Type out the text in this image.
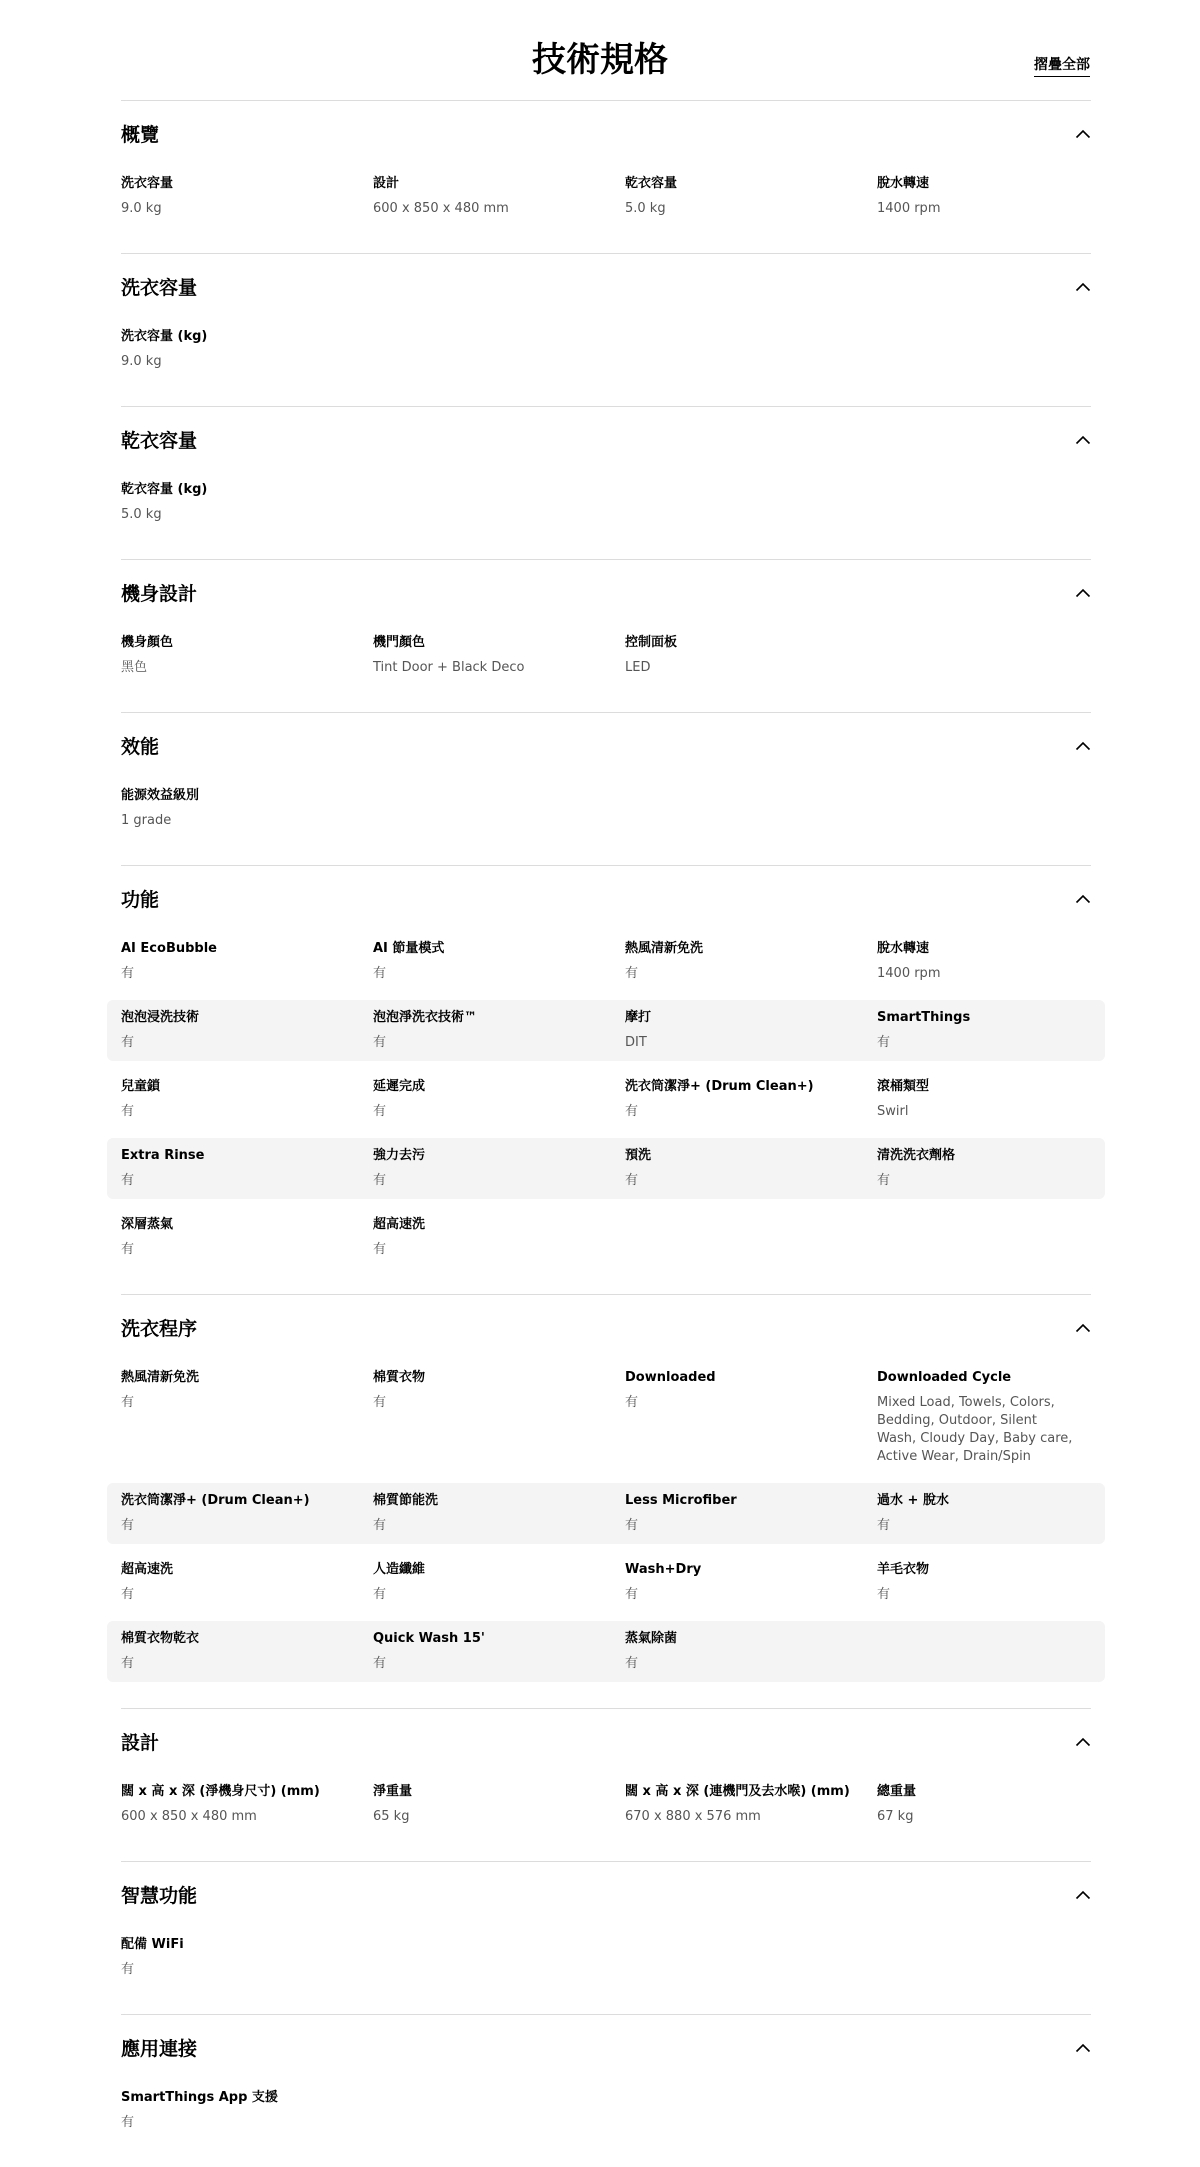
技術規格	摺疊全部
概覽
洗衣容量
9.0 kg
設計
600 x 850 x 480 mm
乾衣容量
5.0 kg
脫水轉速
1400 rpm
洗衣容量
洗衣容量 (kg)
9.0 kg
乾衣容量
乾衣容量 (kg)
5.0 kg
機身設計
機身顏色
黑色
機門顏色
Tint Door + Black Deco
控制面板
LED
效能
能源效益級別
1 grade
功能
AI EcoBubble
有
AI 節量模式
有
熱風清新免洗
有
脫水轉速
1400 rpm
泡泡浸洗技術
有
泡泡淨洗衣技術™
有
摩打
DIT
SmartThings
有
兒童鎖
有
延遲完成
有
洗衣筒潔淨+ (Drum Clean+)
有
滾桶類型
Swirl
Extra Rinse
有
強力去污
有
預洗
有
清洗洗衣劑格
有
深層蒸氣
有
超高速洗
有
洗衣程序
熱風清新免洗
有
棉質衣物
有
Downloaded
有
Downloaded Cycle
Mixed Load, Towels, Colors, Bedding, Outdoor, Silent Wash, Cloudy Day, Baby care, Active Wear, Drain/Spin
洗衣筒潔淨+ (Drum Clean+)
有
棉質節能洗
有
Less Microfiber
有
過水 + 脫水
有
超高速洗
有
人造纖維
有
Wash+Dry
有
羊毛衣物
有
棉質衣物乾衣
有
Quick Wash 15'
有
蒸氣除菌
有
設計
闊 x 高 x 深 (淨機身尺寸) (mm)
600 x 850 x 480 mm
淨重量
65 kg
闊 x 高 x 深 (連機門及去水喉) (mm)
670 x 880 x 576 mm
總重量
67 kg
智慧功能
配備 WiFi
有
應用連接
SmartThings App 支援
有
